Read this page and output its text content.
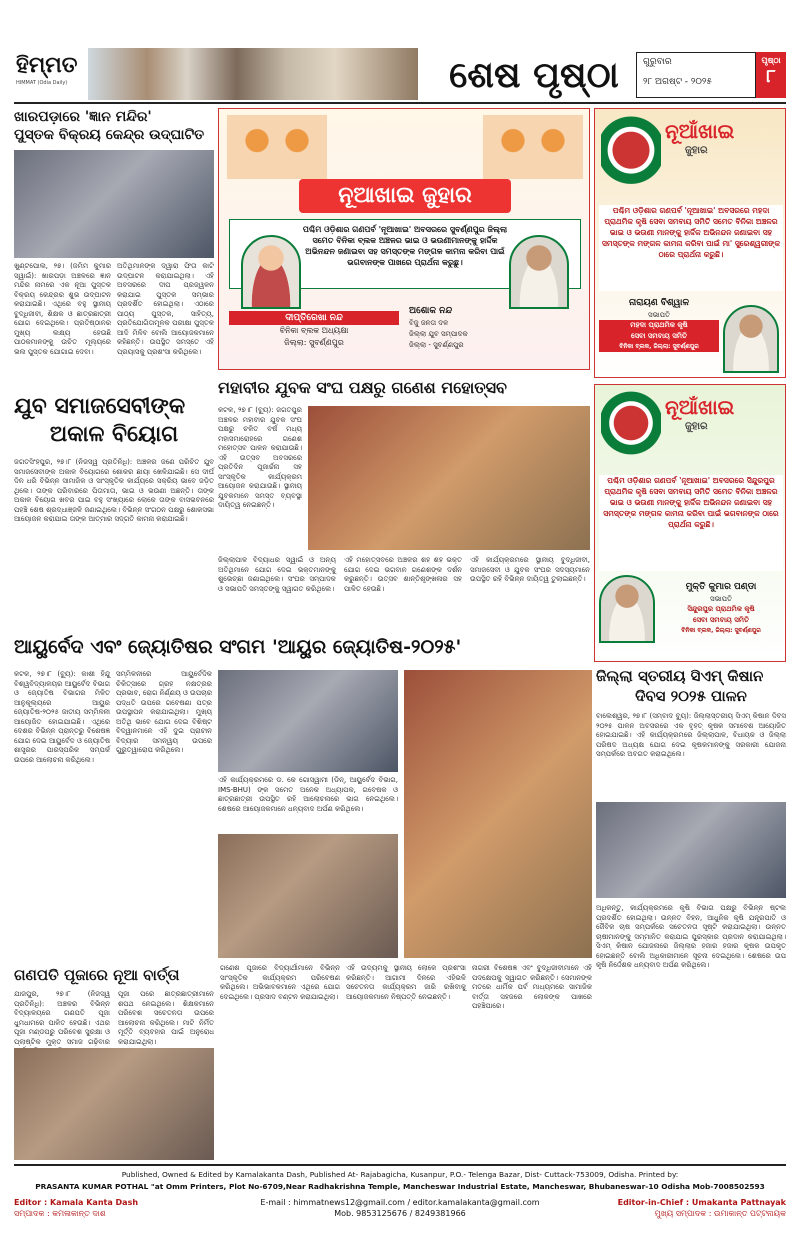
ହିମ୍ମତ
HIMMAT (Odia Daily)	ଶେଷ ପୃଷ୍ଠା	ଗୁରୁବାର
୨୮ ଅଗଷ୍ଟ - ୨୦୨୫
ପୃଷ୍ଠା
୮
ଖାରପଡ଼ାରେ 'ଜ୍ଞାନ ମନ୍ଦିର'
ପୁସ୍ତକ ବିକ୍ରୟ କେନ୍ଦ୍ର ଉଦ୍‌ଘାଟିତ
ଖୁଣ୍ଟପୋଲ, ୨୭। (ଜମିମ କୁମାର ସ୍ୱାଇଁ): ଖାରପଡ଼ା ଅଞ୍ଚଳରେ ଜ୍ଞାନ ମନ୍ଦିର ନାମରେ ଏକ ନୂଆ ପୁସ୍ତକ ବିକ୍ରୟ କେନ୍ଦ୍ରର ଶୁଭ ଉଦ୍‌ଘାଟନ କରାଯାଇଛି। ଏଥିରେ ବହୁ ସ୍ଥାନୀୟ ବୁଦ୍ଧିଜୀବୀ, ଶିକ୍ଷକ ଓ ଛାତ୍ରଛାତ୍ରୀ ଯୋଗ ଦେଇଥିଲେ। ପ୍ରତିଷ୍ଠାନର ମୁଖ୍ୟ ଲକ୍ଷ୍ୟ ହେଉଛି ପାଠକମାନଙ୍କୁ ଉଚିତ ମୂଲ୍ୟରେ ଭଲ ପୁସ୍ତକ ଯୋଗାଇ ଦେବା।
ଅତିଥିମାନଙ୍କ ଦ୍ୱାରା ଫିତା କାଟି ଉଦ୍‌ଘାଟନ କରାଯାଇଥିଲା। ଏହି ଅବସରରେ ଦୀପ ପ୍ରଜ୍ୱଳନ କରାଯାଇ ପୁସ୍ତକ ସମ୍ଭାର ପ୍ରଦର୍ଶିତ ହୋଇଥିଲା। ଏଠାରେ ପାଠ୍ୟ ପୁସ୍ତକ, ସାହିତ୍ୟ, ପ୍ରତିଯୋଗିତାମୂଳକ ପରୀକ୍ଷା ପୁସ୍ତକ ଆଦି ମିଳିବ ବୋଲି ଆୟୋଜକମାନେ କହିଛନ୍ତି। ଉପସ୍ଥିତ ସମସ୍ତେ ଏହି ପ୍ରୟାସକୁ ପ୍ରଶଂସା କରିଥିଲେ।
ନୂଆଖାଇ ଜୁହାର
ପଶ୍ଚିମ ଓଡ଼ିଶାର ଗଣପର୍ବ 'ନୂଆଖାଇ' ଅବସରରେ ସୁବର୍ଣ୍ଣପୁର ଜିଲ୍ଲା ସମେତ ବିନିକା ବ୍ଲକ ଅଞ୍ଚଳର ଭାଇ ଓ ଭଉଣୀମାନଙ୍କୁ ହାର୍ଦ୍ଦିକ ଅଭିନନ୍ଦନ ଜଣାଇବା ସହ ସମସ୍ତଙ୍କ ମଙ୍ଗଳ କାମନା କରିବା ପାଇଁ ଭଗବାନଙ୍କ ପାଖରେ ପ୍ରାର୍ଥନା କରୁଛୁ।
ଦୀପ୍ତିରେଖା ନନ୍ଦ
ବିନିକା ବ୍ଲକ ଅଧ୍ୟକ୍ଷା
ଜିଲ୍ଲା: ସୁବର୍ଣ୍ଣପୁର
ଅଶୋକ ନନ୍ଦ
ବିଜୁ ଜନତା ଦଳ
ଜିଲ୍ଲା ଯୁବ ସମ୍ପାଦକ
ଜିଲ୍ଲା - ସୁବର୍ଣ୍ଣପୁର
ନୂଆଁଖାଇ
ଜୁହାର
ପଶ୍ଚିମ ଓଡ଼ିଶାର ଗଣପର୍ବ 'ନୂଆଖାଇ' ଅବସରରେ ମହଦା ପ୍ରାଥମିକ କୃଷି ସେବା ସମବାୟ ସମିତି ସମେତ ବିନିକା ଅଞ୍ଚଳର ଭାଇ ଓ ଭଉଣୀ ମାନଙ୍କୁ ହାର୍ଦ୍ଦିକ ଅଭିନନ୍ଦନ ଜଣାଇବା ସହ ସମସ୍ତଙ୍କ ମଙ୍ଗଳ କାମନା କରିବା ପାଇଁ ମା' ସୁରେଶ୍ୱରୀଙ୍କ ଠାରେ ପ୍ରାର୍ଥନା କରୁଛି।
ନାରାୟଣ ବିଶ୍ୱାଳ
ସଭାପତି
ମହଦା ପ୍ରାଥମିକ କୃଷି
ସେବା ସମବାୟ ସମିତି
ବିନିକା ବ୍ଲକ, ଜିଲ୍ଲା: ସୁବର୍ଣ୍ଣପୁର
ନୂଆଁଖାଇ
ଜୁହାର
ପଶ୍ଚିମ ଓଡ଼ିଶାର ଗଣପର୍ବ 'ନୂଆଖାଇ' ଅବସରରେ ସିନ୍ଦୁରପୁର ପ୍ରାଥମିକ କୃଷି ସେବା ସମବାୟ ସମିତି ସମେତ ବିନିକା ଅଞ୍ଚଳର ଭାଇ ଓ ଭଉଣୀ ମାନଙ୍କୁ ହାର୍ଦ୍ଦିକ ଅଭିନନ୍ଦନ ଜଣାଇବା ସହ ସମସ୍ତଙ୍କ ମଙ୍ଗଳ କାମନା କରିବା ପାଇଁ ଭଗବାନଙ୍କ ଠାରେ ପ୍ରାର୍ଥନା କରୁଛି।
ମୁକ୍ତି କୁମାର ପଣ୍ଡା
ସଭାପତି
ସିନ୍ଦୁରପୁର ପ୍ରାଥମିକ କୃଷି
ସେବା ସମବାୟ ସମିତି
ବିନିକା ବ୍ଲକ, ଜିଲ୍ଲା: ସୁବର୍ଣ୍ଣପୁର
ଯୁବ ସମାଜସେବୀଙ୍କ
ଅକାଳ ବିୟୋଗ
ଜଗତସିଂହପୁର, ୨୭।୮ (ନିଜସ୍ୱ ପ୍ରତିନିଧି): ଅଞ୍ଚଳର ଜଣେ ପରିଚିତ ଯୁବ ସମାଜସେବୀଙ୍କ ଅକାଳ ବିୟୋଗରେ ଶୋକର ଛାୟା ଖେଳିଯାଇଛି। ସେ ଦୀର୍ଘ ଦିନ ଧରି ବିଭିନ୍ନ ସାମାଜିକ ଓ ସାଂସ୍କୃତିକ କାର୍ଯ୍ୟରେ ସକ୍ରିୟ ଭାବେ ଜଡ଼ିତ ଥିଲେ। ତାଙ୍କ ପରିବାରରେ ପିତାମାତା, ଭାଇ ଓ ଭଉଣୀ ଅଛନ୍ତି। ତାଙ୍କ ଅକାଳ ବିୟୋଗ ଖବର ପାଇ ବହୁ ସଂଖ୍ୟାରେ ଲୋକେ ତାଙ୍କ ବାସଭବନରେ ପହଞ୍ଚି ଶେଷ ଶ୍ରଦ୍ଧାଞ୍ଜଳି ଜଣାଇଥିଲେ। ବିଭିନ୍ନ ସଂଗଠନ ପକ୍ଷରୁ ଶୋକସଭା ଆୟୋଜନ କରାଯାଇ ତାଙ୍କ ଆତ୍ମାର ସଦ୍‌ଗତି କାମନା କରାଯାଇଛି।
ମହାବୀର ଯୁବକ ସଂଘ ପକ୍ଷରୁ ଗଣେଶ ମହୋତ୍ସବ
କଟକ, ୨୭।୮ (ବ୍ୟୁ): ଜଗତପୁର ଅଞ୍ଚଳର ମହାବୀର ଯୁବକ ସଂଘ ପକ୍ଷରୁ ଚଳିତ ବର୍ଷ ମଧ୍ୟ ମହାସମାରୋହରେ ଗଣେଶ ମହୋତ୍ସବ ପାଳନ କରାଯାଉଛି। ଏହି ଉତ୍ସବ ଅବସରରେ ପ୍ରତିଦିନ ପୂଜାର୍ଚ୍ଚନା ସହ ସାଂସ୍କୃତିକ କାର୍ଯ୍ୟକ୍ରମ ଆୟୋଜନ କରାଯାଉଛି। ସ୍ଥାନୀୟ ଯୁବକମାନେ ସମସ୍ତ ବ୍ୟବସ୍ଥା ଦାୟିତ୍ୱ ନେଇଛନ୍ତି।
ଜିଲ୍ଲାପାଳ ବିଦ୍ୟାଧର ସ୍ୱାଇଁ ଓ ଅନ୍ୟ ଅତିଥିମାନେ ଯୋଗ ଦେଇ ଭକ୍ତମାନଙ୍କୁ ଶୁଭେଚ୍ଛା ଜଣାଇଥିଲେ। ସଂଘର ସମ୍ପାଦକ ଓ ସଭାପତି ସମସ୍ତଙ୍କୁ ସ୍ୱାଗତ କରିଥିଲେ।
ଏହି ମହୋତ୍ସବରେ ଅଞ୍ଚଳର ଶହ ଶହ ଭକ୍ତ ଯୋଗ ଦେଇ ଭଗବାନ ଗଣେଶଙ୍କ ଦର୍ଶନ କରୁଛନ୍ତି। ଉତ୍ସବ ଶାନ୍ତିଶୃଙ୍ଖଳାର ସହ ପାଳିତ ହେଉଛି।
ଏହି କାର୍ଯ୍ୟକ୍ରମରେ ସ୍ଥାନୀୟ ବୁଦ୍ଧିଜୀବୀ, ସମାଜସେବୀ ଓ ଯୁବକ ସଂଘର ସଦସ୍ୟମାନେ ଉପସ୍ଥିତ ରହି ବିଭିନ୍ନ ଦାୟିତ୍ୱ ତୁଲାଇଛନ୍ତି।
ଆୟୁର୍ବେଦ ଏବଂ ଜ୍ୟୋତିଷର ସଂଗମ 'ଆୟୁର ଜ୍ୟୋତିଷ-୨୦୨୫'
କଟକ, ୨୭।୮ (ବ୍ୟୁ): କାଶୀ ହିନ୍ଦୁ ବିଶ୍ୱବିଦ୍ୟାଳୟର ଆୟୁର୍ବେଦ ବିଭାଗ ଓ ଜ୍ୟୋତିଷ ବିଭାଗର ମିଳିତ ଆନୁକୂଲ୍ୟରେ ଆୟୁର ଜ୍ୟୋତିଷ-୨୦୨୫ ଜାତୀୟ ସମ୍ମିଳନୀ ଆୟୋଜିତ ହୋଇଯାଇଛି। ଏଥିରେ ଦେଶର ବିଭିନ୍ନ ପ୍ରାନ୍ତରୁ ବିଶେଷଜ୍ଞ ଯୋଗ ଦେଇ ଆୟୁର୍ବେଦ ଓ ଜ୍ୟୋତିଷ ଶାସ୍ତ୍ରର ପାରସ୍ପରିକ ସମ୍ପର୍କ ଉପରେ ଆଲୋଚନା କରିଥିଲେ।
ସମ୍ମିଳନୀରେ ଆୟୁର୍ବେଦିକ ଚିକିତ୍ସାରେ ଗ୍ରହ ନକ୍ଷତ୍ରର ପ୍ରଭାବ, ରୋଗ ନିର୍ଣ୍ଣୟ ଓ ଉପଚାର ପଦ୍ଧତି ଉପରେ ଗବେଷଣା ପତ୍ର ଉପସ୍ଥାପନ କରାଯାଇଥିଲା। ମୁଖ୍ୟ ଅତିଥି ଭାବେ ଯୋଗ ଦେଇ ବିଶିଷ୍ଟ ବିଦ୍ୱାନମାନେ ଏହି ଦୁଇ ପ୍ରାଚୀନ ବିଦ୍ୟାର ସମନ୍ୱୟ ଉପରେ ଗୁରୁତ୍ୱାରୋପ କରିଥିଲେ।
ଏହି କାର୍ଯ୍ୟକ୍ରମରେ ଡ. କେ ଗୋସ୍ୱାମୀ (ଡିନ୍, ଆୟୁର୍ବେଦ ବିଭାଗ, IMS-BHU) ଙ୍କ ସମେତ ଅନେକ ଅଧ୍ୟାପକ, ଗବେଷକ ଓ ଛାତ୍ରଛାତ୍ରୀ ଉପସ୍ଥିତ ରହି ଆଲୋଚନାରେ ଭାଗ ନେଇଥିଲେ। ଶେଷରେ ଆୟୋଜକମାନେ ଧନ୍ୟବାଦ ଅର୍ପଣ କରିଥିଲେ।
ଜିଲ୍ଲା ସ୍ତରୀୟ ସିଏମ୍ କିଷାନ
ଦିବସ ୨୦୨୫ ପାଳନ
ବାଲେଶ୍ୱର, ୨୭।୮ (ସମ୍ବାଦ ବ୍ୟୁ): ଜିଲ୍ଲାସ୍ତରୀୟ ସିଏମ୍ କିଷାନ ଦିବସ ୨୦୨୫ ପାଳନ ଅବସରରେ ଏକ ବୃହତ୍ କୃଷକ ସମାବେଶ ଆୟୋଜିତ ହୋଇଯାଇଛି। ଏହି କାର୍ଯ୍ୟକ୍ରମରେ ଜିଲ୍ଲାପାଳ, ବିଧାୟକ ଓ ଜିଲ୍ଲା ପରିଷଦ ଅଧ୍ୟକ୍ଷ ଯୋଗ ଦେଇ କୃଷକମାନଙ୍କୁ ସରକାରୀ ଯୋଜନା ସମ୍ପର୍କରେ ଅବଗତ କରାଇଥିଲେ।
ଅଧିକନ୍ତୁ, କାର୍ଯ୍ୟକ୍ରମରେ କୃଷି ବିଭାଗ ପକ୍ଷରୁ ବିଭିନ୍ନ ଷ୍ଟଲ ପ୍ରଦର୍ଶିତ ହୋଇଥିଲା। ଉନ୍ନତ ବିହନ, ଆଧୁନିକ କୃଷି ଯନ୍ତ୍ରପାତି ଓ ଜୈବିକ ଚାଷ ସମ୍ପର୍କରେ ସଚେତନତା ସୃଷ୍ଟି କରାଯାଇଥିଲା। ଉନ୍ନତ ଚାଷୀମାନଙ୍କୁ ସମ୍ମାନିତ କରାଯାଇ ପୁରସ୍କାର ପ୍ରଦାନ କରାଯାଇଥିଲା। ସିଏମ୍ କିଷାନ ଯୋଜନାରେ ଜିଲ୍ଲାର ହଜାର ହଜାର କୃଷକ ଉପକୃତ ହୋଇଛନ୍ତି ବୋଲି ଅଧିକାରୀମାନେ ସୂଚନା ଦେଇଥିଲେ। ଶେଷରେ ଉପ କୃଷି ନିର୍ଦ୍ଦେଶକ ଧନ୍ୟବାଦ ଅର୍ପଣ କରିଥିଲେ।
ଗଣପତି ପୂଜାରେ ନୂଆ ବାର୍ତ୍ତା
ଯାଜପୁର, ୨୭।୮ (ନିଜସ୍ୱ ପ୍ରତିନିଧି): ଅଞ୍ଚଳର ବିଭିନ୍ନ ବିଦ୍ୟାଳୟରେ ଗଣପତି ପୂଜା ଧୁମଧାମରେ ପାଳିତ ହେଉଛି। ଏଥର ପୂଜା ମଣ୍ଡପରୁ ପରିବେଶ ସୁରକ୍ଷା ଓ ପ୍ଲାଷ୍ଟିକ ମୁକ୍ତ ସମାଜ ଗଢ଼ିବାର
ପୂଜା ପରେ ଛାତ୍ରଛାତ୍ରୀମାନେ ଶପଥ ନେଇଥିଲେ। ଶିକ୍ଷକମାନେ ପରିବେଶ ସଚେତନତା ଉପରେ ଆଲୋଚନା କରିଥିଲେ। ମାଟି ନିର୍ମିତ ମୂର୍ତ୍ତି ବ୍ୟବହାର ପାଇଁ ଅନୁରୋଧ କରାଯାଇଥିଲା।
ଗଣେଶ ପୂଜାରେ ବିଦ୍ୟାର୍ଥୀମାନେ ବିଭିନ୍ନ ସାଂସ୍କୃତିକ କାର୍ଯ୍ୟକ୍ରମ ପରିବେଷଣ କରିଥିଲେ। ଅଭିଭାବକମାନେ ଏଥିରେ ଯୋଗ ଦେଇଥିଲେ। ପ୍ରସାଦ ବଣ୍ଟନ କରାଯାଇଥିଲା।
ଏହି ଉଦ୍ୟମକୁ ସ୍ଥାନୀୟ ଲୋକେ ପ୍ରଶଂସା କରିଛନ୍ତି। ଆଗାମୀ ଦିନରେ ଏହିଭଳି ସଚେତନତା କାର୍ଯ୍ୟକ୍ରମ ଜାରି ରଖିବାକୁ ଆୟୋଜକମାନେ ନିଷ୍ପତ୍ତି ନେଇଛନ୍ତି।
ନାଗରୀ ବିଶେଷଜ୍ଞ ଏବଂ ବୁଦ୍ଧିଜୀବୀମାନେ ଏହି ପଦକ୍ଷେପକୁ ସ୍ୱାଗତ କରିଛନ୍ତି। ସେମାନଙ୍କ ମତରେ ଧାର୍ମିକ ପର୍ବ ମାଧ୍ୟମରେ ସାମାଜିକ ବାର୍ତ୍ତା ସହଜରେ ଲୋକଙ୍କ ପାଖରେ ପହଞ୍ଚିପାରେ।
Published, Owned & Edited by Kamalakanta Dash, Published At- Rajabagicha, Kusanpur, P.O.- Telenga Bazar, Dist- Cuttack-753009, Odisha. Printed by:
PRASANTA KUMAR POTHAL "at Omm Printers, Plot No-6709,Near Radhakrishna Temple, Mancheswar Industrial Estate, Mancheswar, Bhubaneswar-10 Odisha Mob-7008502593
Editor : Kamala Kanta Dash
ସମ୍ପାଦକ : କମଳାକାନ୍ତ ଦାଶ
E-mail : himmatnews12@gmail.com / editor.kamalakanta@gmail.com
Mob. 9853125676 / 8249381966
Editor-in-Chief : Umakanta Pattnayak
ମୁଖ୍ୟ ସମ୍ପାଦକ : ଉମାକାନ୍ତ ପଟ୍ଟନାୟକ
